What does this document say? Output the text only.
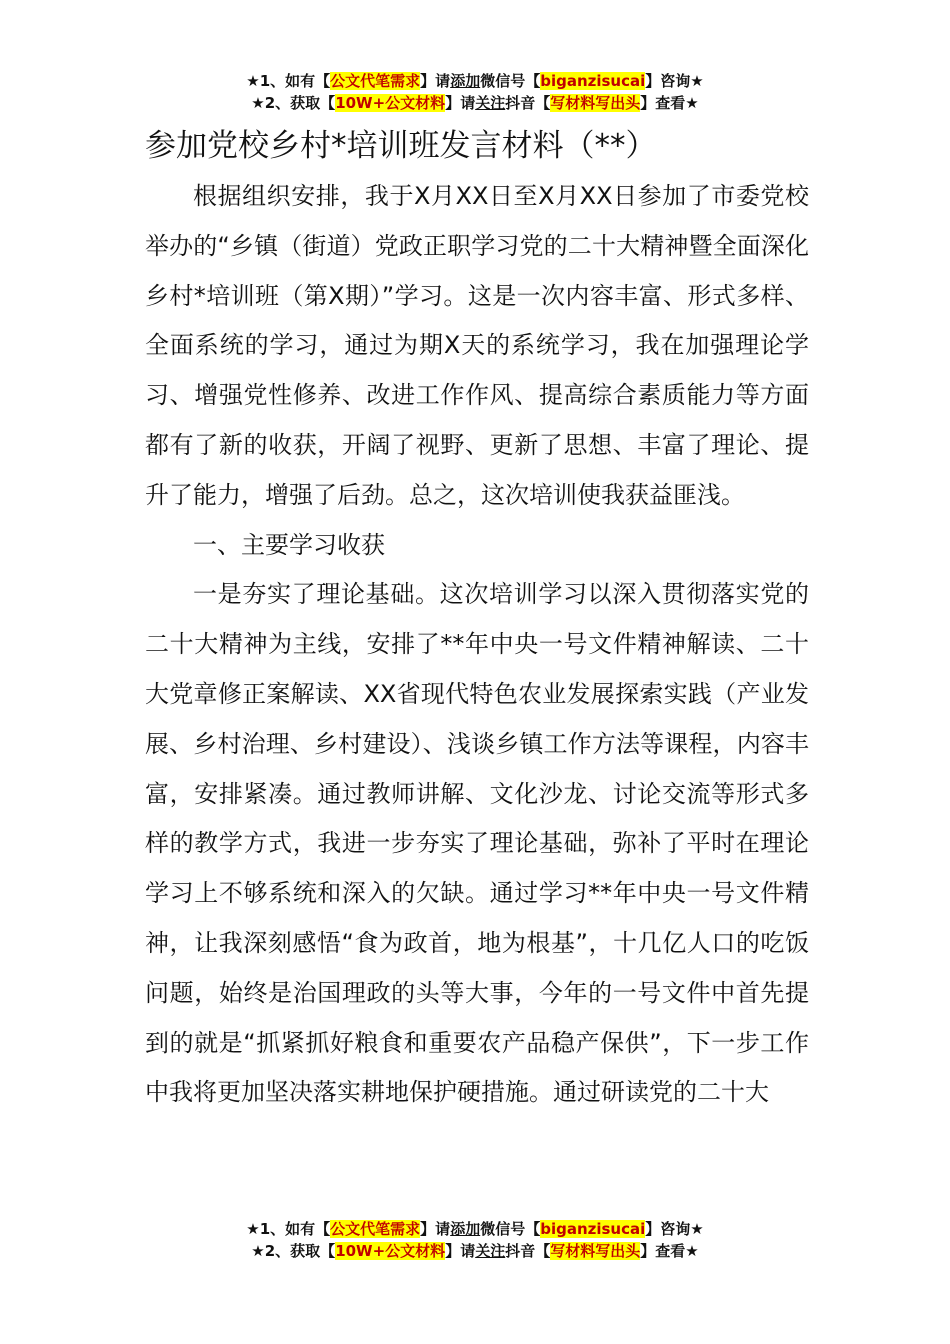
★1、如有【公文代笔需求】请添加微信号【biganzisucai】咨询★
★2、获取【10W+公文材料】请关注抖音【写材料写出头】查看★
参加党校乡村*培训班发言材料（**）

根据组织安排，我于X月XX日至X月XX日参加了市委党校举办的“乡镇（街道）党政正职学习党的二十大精神暨全面深化乡村*培训班（第X期）”学习。这是一次内容丰富、形式多样、全面系统的学习，通过为期X天的系统学习，我在加强理论学习、增强党性修养、改进工作作风、提高综合素质能力等方面都有了新的收获，开阔了视野、更新了思想、丰富了理论、提升了能力，增强了后劲。总之，这次培训使我获益匪浅。

一、主要学习收获

一是夯实了理论基础。这次培训学习以深入贯彻落实党的二十大精神为主线，安排了**年中央一号文件精神解读、二十大党章修正案解读、XX省现代特色农业发展探索实践（产业发展、乡村治理、乡村建设）、浅谈乡镇工作方法等课程，内容丰富，安排紧凑。通过教师讲解、文化沙龙、讨论交流等形式多样的教学方式，我进一步夯实了理论基础，弥补了平时在理论学习上不够系统和深入的欠缺。通过学习**年中央一号文件精神，让我深刻感悟“食为政首，地为根基”，十几亿人口的吃饭问题，始终是治国理政的头等大事，今年的一号文件中首先提到的就是“抓紧抓好粮食和重要农产品稳产保供”，下一步工作中我将更加坚决落实耕地保护硬措施。通过研读党的二十大

★1、如有【公文代笔需求】请添加微信号【biganzisucai】咨询★
★2、获取【10W+公文材料】请关注抖音【写材料写出头】查看★
